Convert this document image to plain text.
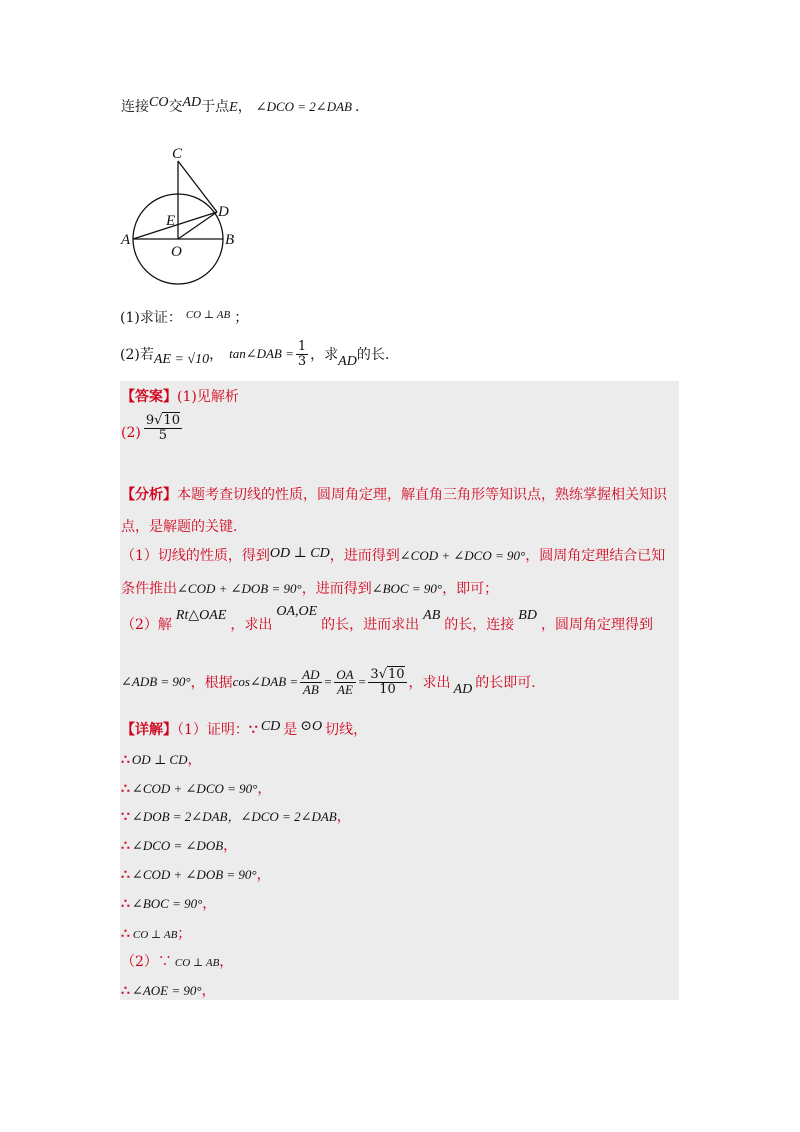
连接CO交AD于点E， ∠DCO = 2∠DAB .
C
D
E
A
O
B
(1)求证： $^{CO \perp AB}$ ；
(2)若 AE = √10 ， tan∠DAB = $\frac{1}{3}$ ，求 AD 的长.
【答案】(1)见解析
$(2) \frac{9√10}{5}$
【分析】本题考查切线的性质，圆周角定理，解直角三角形等知识点，熟练掌握相关知识
点，是解题的关键.
（1）切线的性质，得到OD ⊥ CD，进而得到∠COD + ∠DCO = 90°，圆周角定理结合已知
条件推出∠COD + ∠DOB = 90°，进而得到∠BOC = 90°，即可；
（2）解Rt△OAE，求出OA,OE的长，进而求出AB的长，连接BD，圆周角定理得到
∠ADB = 90° ，根据 cos∠DAB = $\frac{AD}{AB} = \frac{OA}{AE} = \frac{3√10}{10}$ ，求出 AD 的长即可.
【详解】（1）证明：∵ CD 是 ⊙O 切线，
∴ OD ⊥ CD，
∴ ∠COD + ∠DCO = 90°，
∵ ∠DOB = 2∠DAB，∠DCO = 2∠DAB，
∴ ∠DCO = ∠DOB，
∴ ∠COD + ∠DOB = 90°，
∴ ∠BOC = 90°，
∴ CO ⊥ AB；
（2）∵ CO ⊥ AB，
∴ ∠AOE = 90°，
